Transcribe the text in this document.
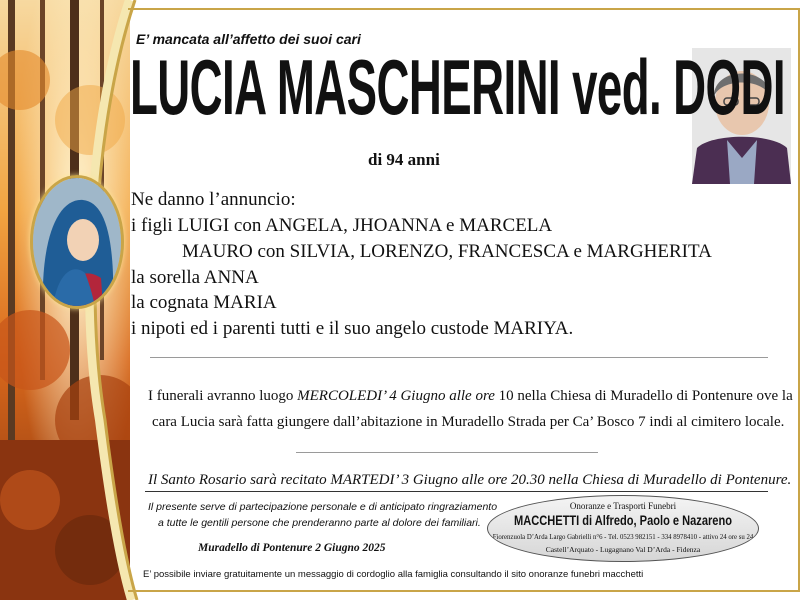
E’ mancata all’affetto dei suoi cari
LUCIA MASCHERINI ved. DODI
di 94 anni
Ne danno l’annuncio:
i figli LUIGI con ANGELA, JHOANNA e MARCELA
MAURO con SILVIA, LORENZO, FRANCESCA e MARGHERITA
la sorella ANNA
la cognata MARIA
i nipoti ed i parenti tutti e il suo angelo custode MARIYA.
I funerali avranno luogo MERCOLEDI’ 4 Giugno alle ore 10 nella Chiesa di Muradello di Pontenure ove la
cara Lucia sarà fatta giungere dall’abitazione in Muradello Strada per Ca’ Bosco 7 indi al cimitero locale.
Il Santo Rosario sarà recitato MARTEDI’ 3 Giugno alle ore 20.30 nella Chiesa di Muradello di Pontenure.
Il presente serve di partecipazione personale e di anticipato ringraziamento
a tutte le gentili persone che prenderanno parte al dolore dei familiari.
Muradello di Pontenure 2 Giugno 2025
Onoranze e Trasporti Funebri
MACCHETTI di Alfredo, Paolo e Nazareno
Fiorenzuola D’Arda Largo Gabrielli n°6 - Tel. 0523 982151 - 334 8978410 - attivo 24 ore su 24
Castell’Arquato - Lugagnano Val D’Arda - Fidenza
E’ possibile inviare gratuitamente un messaggio di cordoglio alla famiglia consultando il sito onoranze funebri macchetti
